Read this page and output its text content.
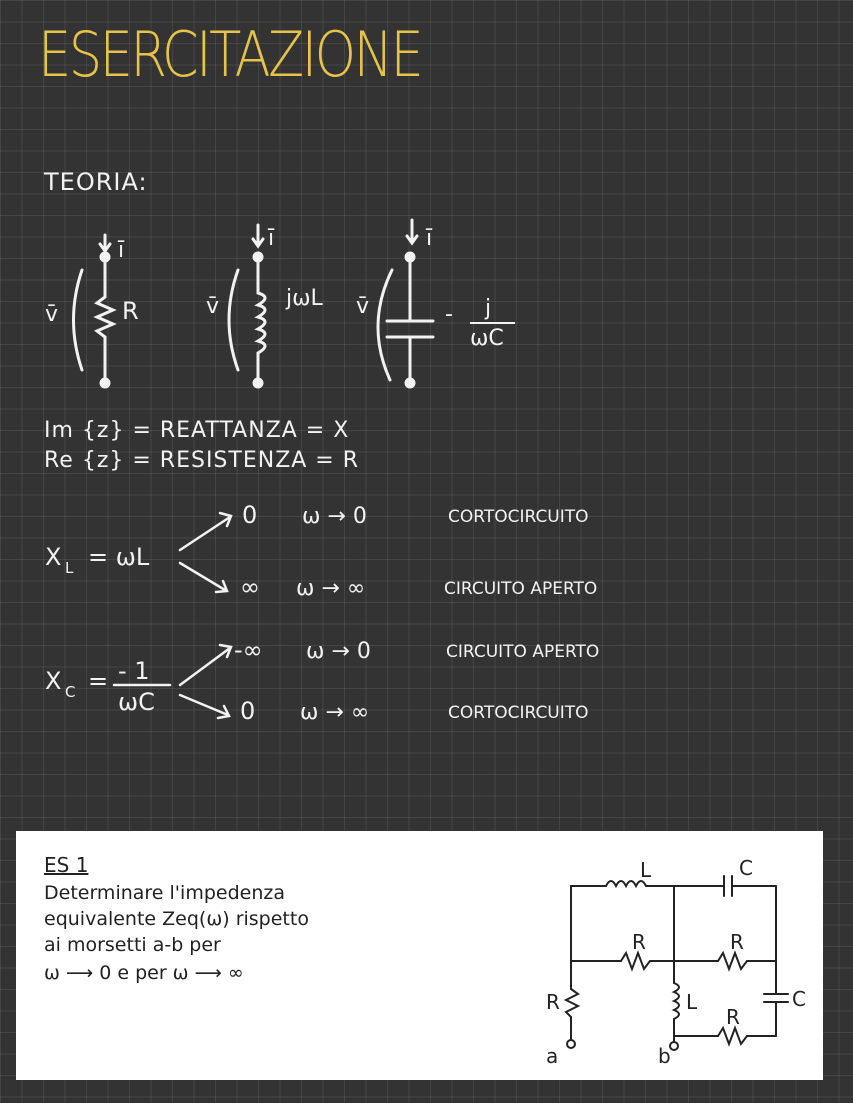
ESERCITAZIONE
TEORIA:
ī
v̄	R
ī
v̄	jωL
ī
v̄	- j
ωC
Im {z} = REATTANZA = X
Re {z} = RESISTENZA = R
X L = ωL
0 ω → 0	CORTOCIRCUITO
∞ ω → ∞	CIRCUITO APERTO
X C = - 1
ωC
-∞ ω → 0	CIRCUITO APERTO
0 ω → ∞	CORTOCIRCUITO
ES 1
Determinare l'impedenza
equivalente Zeq(ω) rispetto
ai morsetti a-b per
ω ⟶ 0 e per ω ⟶ ∞
L	C
R	R
R	L	C
R
a	b
